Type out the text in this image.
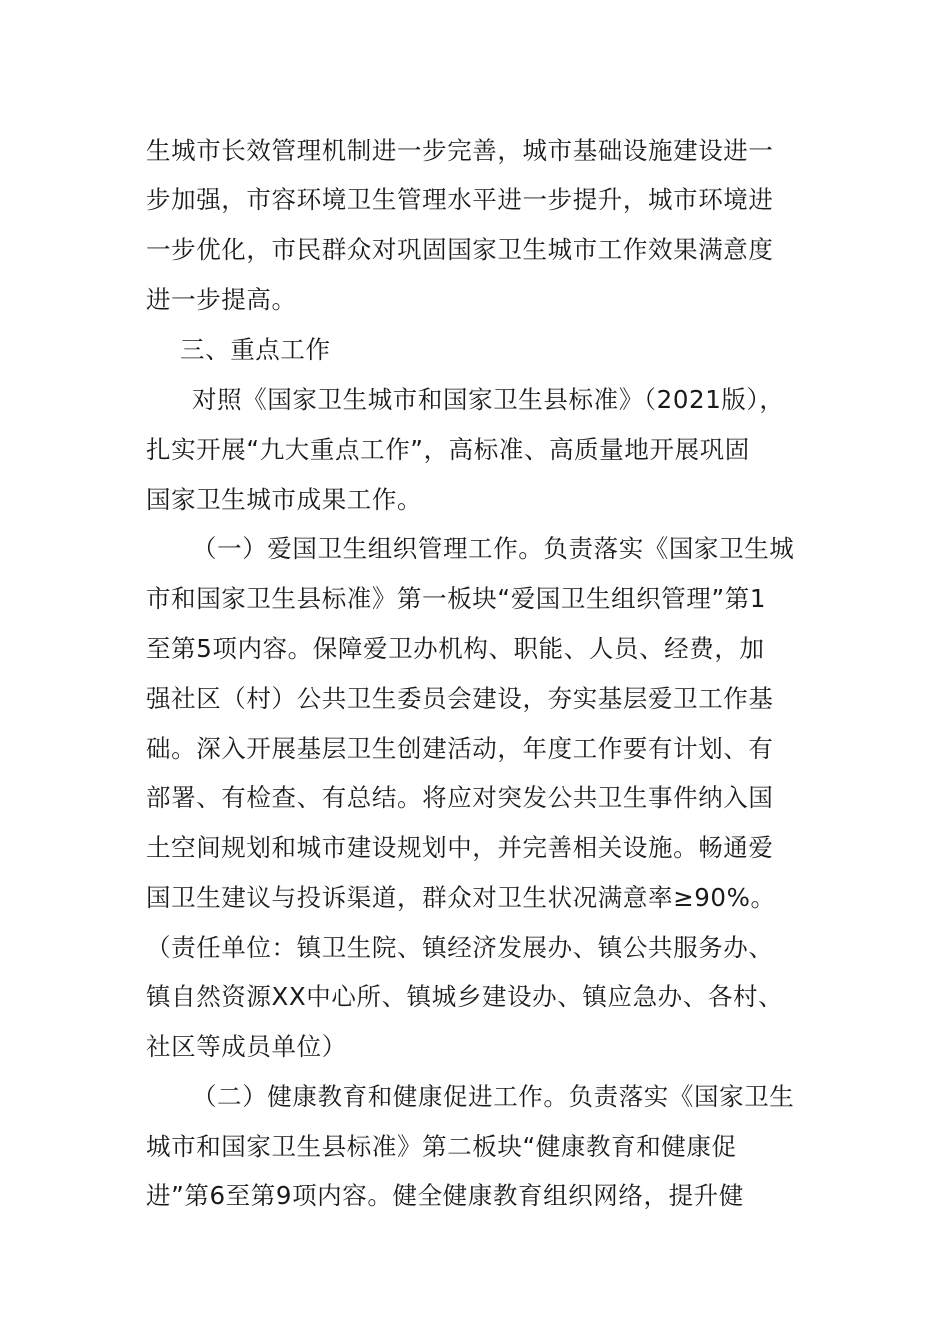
生城市长效管理机制进一步完善，城市基础设施建设进一
步加强，市容环境卫生管理水平进一步提升，城市环境进
一步优化，市民群众对巩固国家卫生城市工作效果满意度
进一步提高。
三、重点工作
对照《国家卫生城市和国家卫生县标准》（2021版），
扎实开展“九大重点工作”，高标准、高质量地开展巩固
国家卫生城市成果工作。
（一）爱国卫生组织管理工作。负责落实《国家卫生城
市和国家卫生县标准》第一板块“爱国卫生组织管理”第1
至第5项内容。保障爱卫办机构、职能、人员、经费，加
强社区（村）公共卫生委员会建设，夯实基层爱卫工作基
础。深入开展基层卫生创建活动，年度工作要有计划、有
部署、有检查、有总结。将应对突发公共卫生事件纳入国
土空间规划和城市建设规划中，并完善相关设施。畅通爱
国卫生建议与投诉渠道，群众对卫生状况满意率≥90%。
（责任单位：镇卫生院、镇经济发展办、镇公共服务办、
镇自然资源XX中心所、镇城乡建设办、镇应急办、各村、
社区等成员单位）
（二）健康教育和健康促进工作。负责落实《国家卫生
城市和国家卫生县标准》第二板块“健康教育和健康促
进”第6至第9项内容。健全健康教育组织网络，提升健
